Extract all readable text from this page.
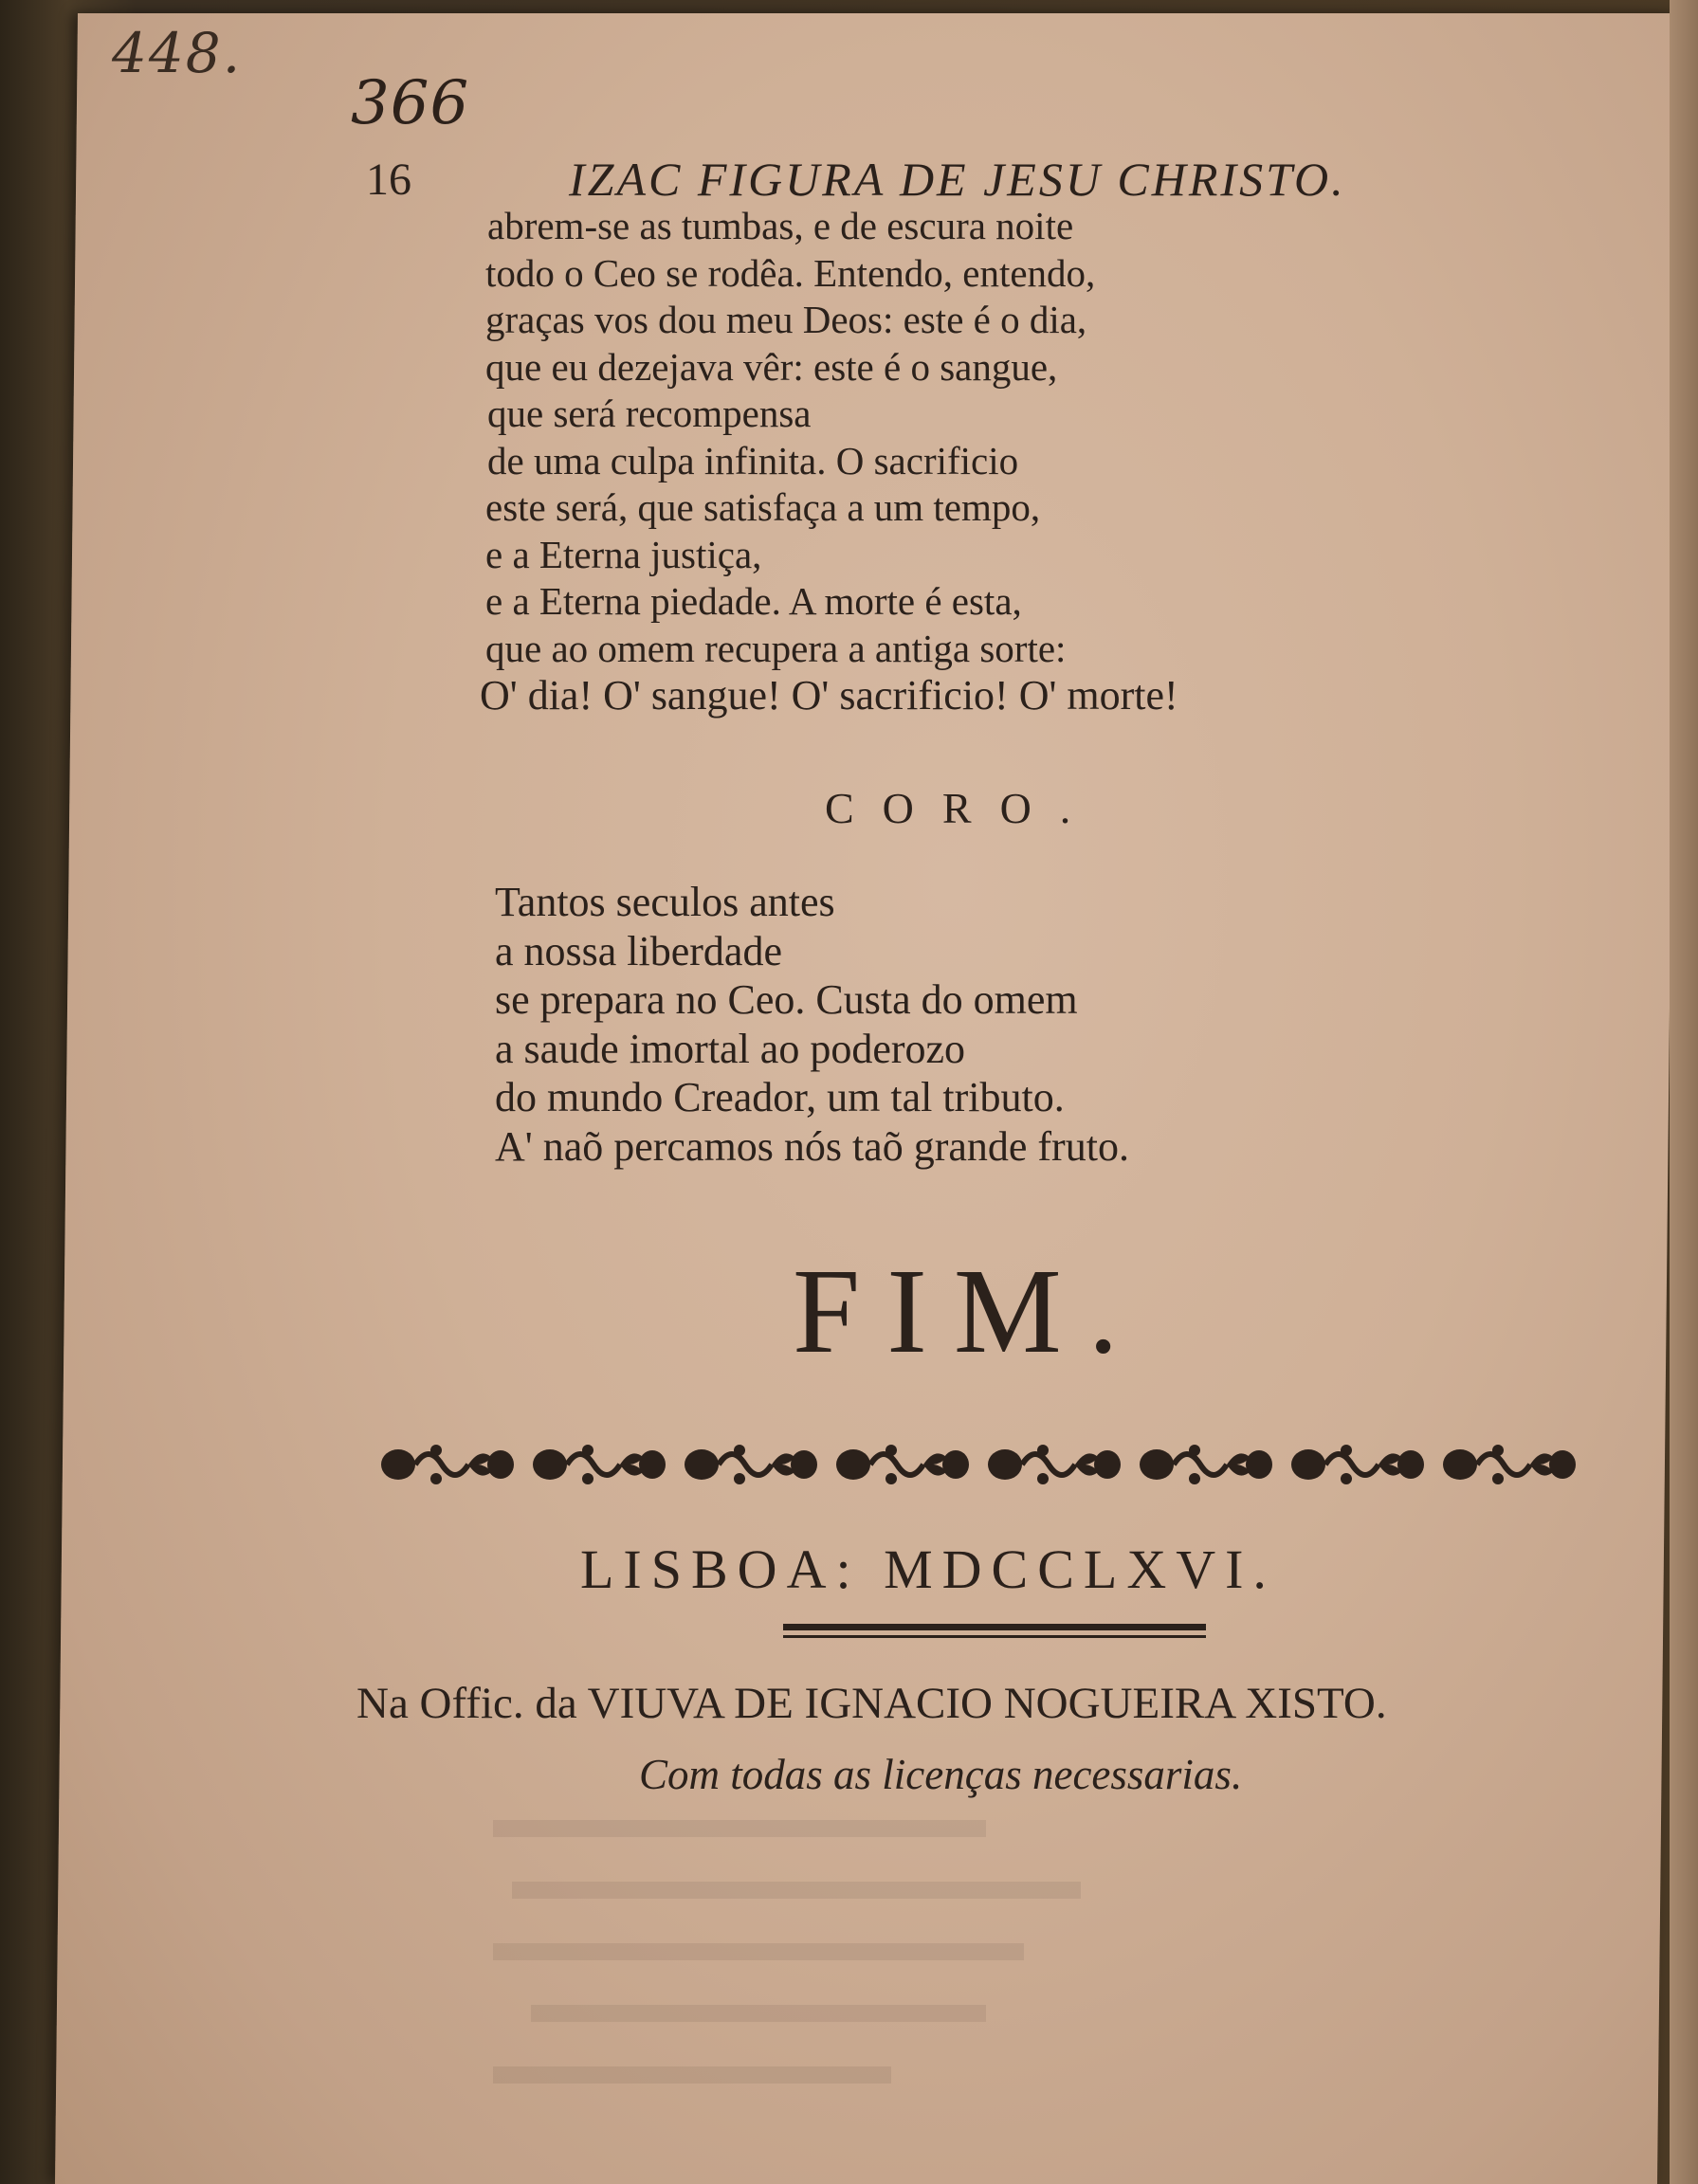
448.
366
16	IZAC FIGURA DE JESU CHRISTO.
abrem-se as tumbas, e de escura noite
todo o Ceo se rodêa. Entendo, entendo,
graças vos dou meu Deos: este é o dia,
que eu dezejava vêr: este é o sangue,
que será recompensa
de uma culpa infinita. O sacrificio
este será, que satisfaça a um tempo,
e a Eterna justiça,
e a Eterna piedade. A morte é esta,
que ao omem recupera a antiga sorte:
O' dia! O' sangue! O' sacrificio! O' morte!
CORO.
Tantos seculos antes
a nossa liberdade
se prepara no Ceo. Custa do omem
a saude imortal ao poderozo
do mundo Creador, um tal tributo.
A' naõ percamos nós taõ grande fruto.
FIM.
LISBOA: MDCCLXVI.
Na Offic. da VIUVA DE IGNACIO NOGUEIRA XISTO.
Com todas as licenças necessarias.
